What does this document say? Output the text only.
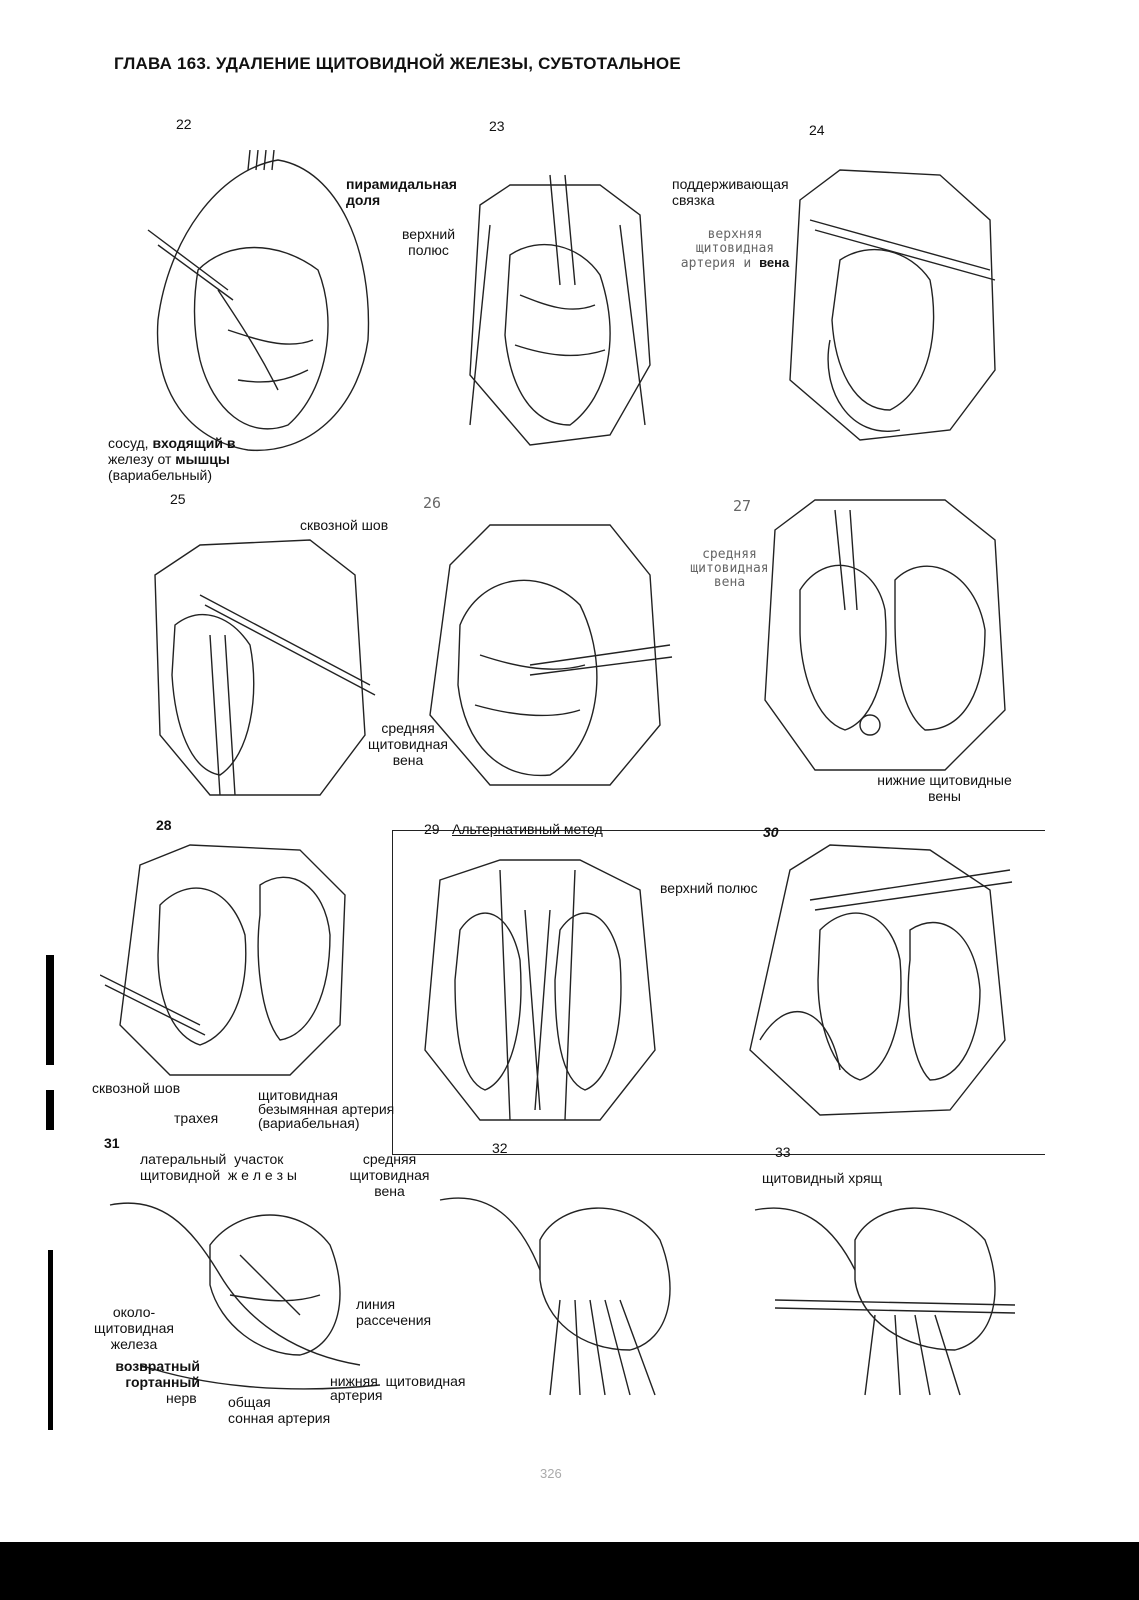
ГЛАВА 163. УДАЛЕНИЕ ЩИТОВИДНОЙ ЖЕЛЕЗЫ, СУБТОТАЛЬНОЕ
22
пирамидальная
доля
сосуд, входящий в
железу от мышцы
(вариабельный)
23
верхний
полюс
поддерживающая
связка
24
верхняя
щитовидная
артерия и вена
25
сквозной шов
26
средняя
щитовидная
вена
27
средняя
щитовидная
вена
нижние щитовидные
вены
28
сквозной шов
трахея
щитовидная
безымянная артерия
(вариабельная)
29 Альтернативный метод	30
верхний полюс
31
латеральный  участок
щитовидной  ж е л е з ы
средняя
щитовидная
вена
около-
щитовидная
железа
возвратный
гортанный
нерв общая
сонная артерия
линия
рассечения
нижняя  щитовидная
артерия
32	33
щитовидный хрящ
326
